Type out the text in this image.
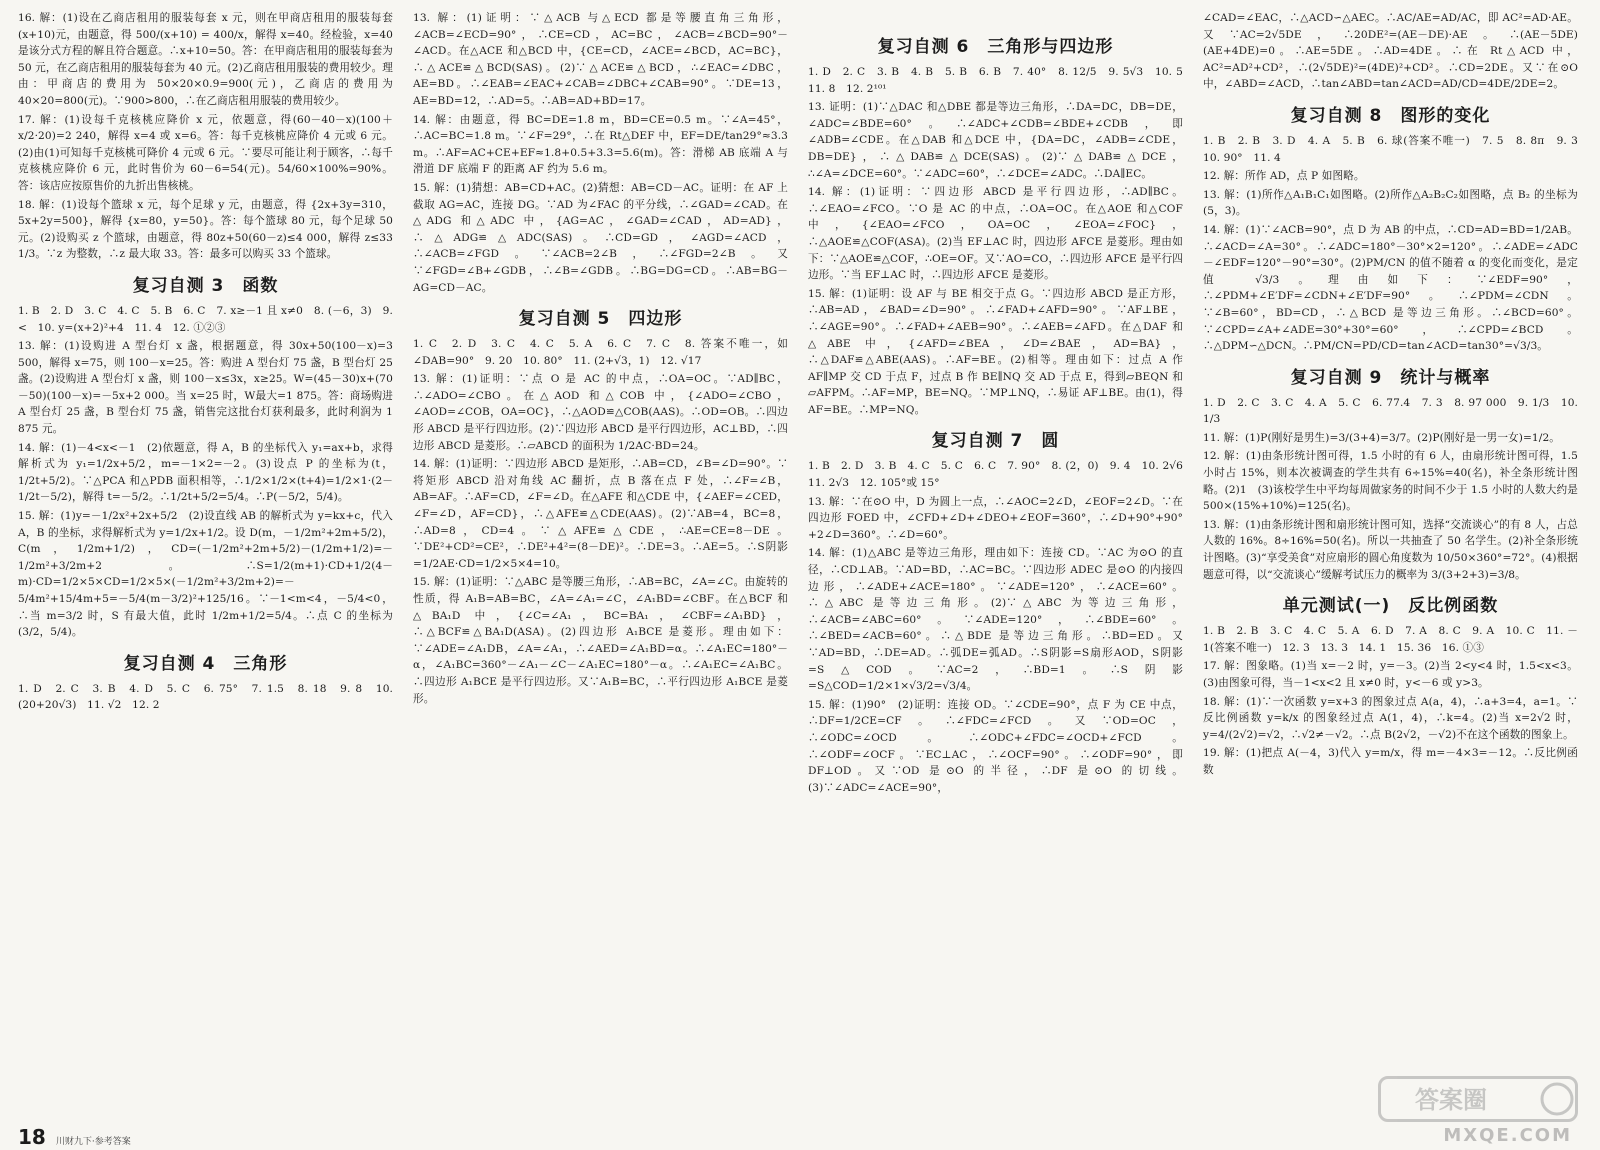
16. 解：(1)设在乙商店租用的服装每套 x 元，则在甲商店租用的服装每套(x+10)元，由题意，得 500/(x+10) = 400/x，解得 x=40。经检验，x=40 是该分式方程的解且符合题意。∴x+10=50。答：在甲商店租用的服装每套为 50 元，在乙商店租用的服装每套为 40 元。(2)乙商店租用服装的费用较少。理由：甲商店的费用为 50×20×0.9=900(元)，乙商店的费用为 40×20=800(元)。∵900>800，∴在乙商店租用服装的费用较少。
17. 解：(1)设每千克核桃应降价 x 元，依题意，得(60－40－x)(100＋x/2·20)=2 240，解得 x=4 或 x=6。答：每千克核桃应降价 4 元或 6 元。(2)由(1)可知每千克核桃可降价 4 元或 6 元。∵要尽可能让利于顾客，∴每千克核桃应降价 6 元，此时售价为 60－6=54(元)。54/60×100%=90%。答：该店应按原售价的九折出售核桃。
18. 解：(1)设每个篮球 x 元，每个足球 y 元，由题意，得 {2x+3y=310，5x+2y=500}，解得 {x=80，y=50}。答：每个篮球 80 元，每个足球 50 元。(2)设购买 z 个篮球，由题意，得 80z+50(60－z)≤4 000，解得 z≤33 1/3。∵z 为整数，∴z 最大取 33。答：最多可以购买 33 个篮球。
复习自测 3　函数
1. B　2. D　3. C　4. C　5. B　6. C　7. x≥－1 且 x≠0　8. (－6，3)　9. <　10. y=(x+2)²+4　11. 4　12. ①②③
13. 解：(1)设购进 A 型台灯 x 盏，根据题意，得 30x+50(100－x)=3 500，解得 x=75，则 100－x=25。答：购进 A 型台灯 75 盏，B 型台灯 25 盏。(2)设购进 A 型台灯 x 盏，则 100－x≤3x，x≥25。W=(45－30)x+(70－50)(100－x)=－5x+2 000。当 x=25 时，W最大=1 875。答：商场购进 A 型台灯 25 盏，B 型台灯 75 盏，销售完这批台灯获利最多，此时利润为 1 875 元。
14. 解：(1)－4<x<－1　(2)依题意，得 A，B 的坐标代入 y₁=ax+b，求得解析式为 y₁=1/2x+5/2，m=－1×2=－2。(3)设点 P 的坐标为(t，1/2t+5/2)。∵△PCA 和△PDB 面积相等，∴1/2×1/2×(t+4)=1/2×1·(2－1/2t－5/2)，解得 t=－5/2。∴1/2t+5/2=5/4。∴P(－5/2，5/4)。
15. 解：(1)y=－1/2x²+2x+5/2　(2)设直线 AB 的解析式为 y=kx+c，代入 A，B 的坐标，求得解析式为 y=1/2x+1/2。设 D(m，－1/2m²+2m+5/2)，C(m，1/2m+1/2)，CD=(－1/2m²+2m+5/2)－(1/2m+1/2)=－1/2m²+3/2m+2。∴S=1/2(m+1)·CD+1/2(4－m)·CD=1/2×5×CD=1/2×5×(－1/2m²+3/2m+2)=－5/4m²+15/4m+5=－5/4(m－3/2)²+125/16。∵－1<m<4，－5/4<0，∴当 m=3/2 时，S 有最大值，此时 1/2m+1/2=5/4。∴点 C 的坐标为(3/2，5/4)。
复习自测 4　三角形
1. D　2. C　3. B　4. D　5. C　6. 75°　7. 1.5　8. 18　9. 8　10. (20+20√3)　11. √2　12. 2
13. 解：(1)证明：∵△ACB 与△ECD 都是等腰直角三角形，∠ACB=∠ECD=90°，∴CE=CD，AC=BC，∠ACB=∠BCD=90°－∠ACD。在△ACE 和△BCD 中，{CE=CD，∠ACE=∠BCD，AC=BC}，∴△ACE≌△BCD(SAS)。(2)∵△ACE≌△BCD，∴∠EAC=∠DBC，AE=BD。∴∠EAB=∠EAC+∠CAB=∠DBC+∠CAB=90°。∵DE=13，AE=BD=12，∴AD=5。∴AB=AD+BD=17。
14. 解：由题意，得 BC=DE=1.8 m，BD=CE=0.5 m。∵∠A=45°，∴AC=BC=1.8 m。∵∠F=29°，∴在 Rt△DEF 中，EF=DE/tan29°≈3.3 m。∴AF=AC+CE+EF≈1.8+0.5+3.3=5.6(m)。答：滑梯 AB 底端 A 与滑道 DF 底端 F 的距离 AF 约为 5.6 m。
15. 解：(1)猜想：AB=CD+AC。(2)猜想：AB=CD－AC。证明：在 AF 上截取 AG=AC，连接 DG。∵AD 为∠FAC 的平分线，∴∠GAD=∠CAD。在△ADG 和△ADC 中，{AG=AC，∠GAD=∠CAD，AD=AD}，∴△ADG≌△ADC(SAS)。∴CD=GD，∠AGD=∠ACD，∴∠ACB=∠FGD。∵∠ACB=2∠B，∴∠FGD=2∠B。又∵∠FGD=∠B+∠GDB，∴∠B=∠GDB。∴BG=DG=CD。∴AB=BG－AG=CD－AC。
复习自测 5　四边形
1. C　2. D　3. C　4. C　5. A　6. C　7. C　8. 答案不唯一，如∠DAB=90°　9. 20　10. 80°　11. (2+√3，1)　12. √17
13. 解：(1)证明：∵点 O 是 AC 的中点，∴OA=OC。∵AD∥BC，∴∠ADO=∠CBO。在△AOD 和△COB 中，{∠ADO=∠CBO，∠AOD=∠COB，OA=OC}，∴△AOD≌△COB(AAS)。∴OD=OB。∴四边形 ABCD 是平行四边形。(2)∵四边形 ABCD 是平行四边形，AC⊥BD，∴四边形 ABCD 是菱形。∴▱ABCD 的面积为 1/2AC·BD=24。
14. 解：(1)证明：∵四边形 ABCD 是矩形，∴AB=CD，∠B=∠D=90°。∵将矩形 ABCD 沿对角线 AC 翻折，点 B 落在点 F 处，∴∠F=∠B，AB=AF。∴AF=CD，∠F=∠D。在△AFE 和△CDE 中，{∠AEF=∠CED，∠F=∠D，AF=CD}，∴△AFE≌△CDE(AAS)。(2)∵AB=4，BC=8，∴AD=8，CD=4。∵△AFE≌△CDE，∴AE=CE=8－DE。∵DE²+CD²=CE²，∴DE²+4²=(8－DE)²。∴DE=3。∴AE=5。∴S阴影=1/2AE·CD=1/2×5×4=10。
15. 解：(1)证明：∵△ABC 是等腰三角形，∴AB=BC，∠A=∠C。由旋转的性质，得 A₁B=AB=BC，∠A=∠A₁=∠C，∠A₁BD=∠CBF。在△BCF 和△BA₁D 中，{∠C=∠A₁，BC=BA₁，∠CBF=∠A₁BD}，∴△BCF≌△BA₁D(ASA)。(2)四边形 A₁BCE 是菱形。理由如下：∵∠ADE=∠A₁DB，∠A=∠A₁，∴∠AED=∠A₁BD=α。∴∠A₁EC=180°－α，∠A₁BC=360°－∠A₁－∠C－∠A₁EC=180°－α。∴∠A₁EC=∠A₁BC。∴四边形 A₁BCE 是平行四边形。又∵A₁B=BC，∴平行四边形 A₁BCE 是菱形。
复习自测 6　三角形与四边形
1. D　2. C　3. B　4. B　5. B　6. B　7. 40°　8. 12/5　9. 5√3　10. 5　11. 8　12. 2¹⁰¹
13. 证明：(1)∵△DAC 和△DBE 都是等边三角形，∴DA=DC，DB=DE，∠ADC=∠BDE=60°。∴∠ADC+∠CDB=∠BDE+∠CDB，即∠ADB=∠CDE。在△DAB 和△DCE 中，{DA=DC，∠ADB=∠CDE，DB=DE}，∴△DAB≌△DCE(SAS)。(2)∵△DAB≌△DCE，∴∠A=∠DCE=60°。∵∠ADC=60°，∴∠DCE=∠ADC。∴DA∥EC。
14. 解：(1)证明：∵四边形 ABCD 是平行四边形，∴AD∥BC。∴∠EAO=∠FCO。∵O 是 AC 的中点，∴OA=OC。在△AOE 和△COF 中，{∠EAO=∠FCO，OA=OC，∠EOA=∠FOC}，∴△AOE≌△COF(ASA)。(2)当 EF⊥AC 时，四边形 AFCE 是菱形。理由如下：∵△AOE≌△COF，∴OE=OF。又∵AO=CO，∴四边形 AFCE 是平行四边形。∵当 EF⊥AC 时，∴四边形 AFCE 是菱形。
15. 解：(1)证明：设 AF 与 BE 相交于点 G。∵四边形 ABCD 是正方形，∴AB=AD，∠BAD=∠D=90°。∴∠FAD+∠AFD=90°。∵AF⊥BE，∴∠AGE=90°。∴∠FAD+∠AEB=90°。∴∠AEB=∠AFD。在△DAF 和△ABE 中，{∠AFD=∠BEA，∠D=∠BAE，AD=BA}，∴△DAF≌△ABE(AAS)。∴AF=BE。(2)相等。理由如下：过点 A 作 AF∥MP 交 CD 于点 F，过点 B 作 BE∥NQ 交 AD 于点 E，得到▱BEQN 和▱AFPM。∴AF=MP，BE=NQ。∵MP⊥NQ，∴易证 AF⊥BE。由(1)，得 AF=BE。∴MP=NQ。
复习自测 7　圆
1. B　2. D　3. B　4. C　5. C　6. C　7. 90°　8. (2，0)　9. 4　10. 2√6　11. 2√3　12. 105°或 15°
13. 解：∵在⊙O 中，D 为圆上一点，∴∠AOC=2∠D，∠EOF=2∠D。∵在四边形 FOED 中，∠CFD+∠D+∠DEO+∠EOF=360°，∴∠D+90°+90°+2∠D=360°。∴∠D=60°。
14. 解：(1)△ABC 是等边三角形，理由如下：连接 CD。∵AC 为⊙O 的直径，∴CD⊥AB。∵AD=BD，∴AC=BC。∵四边形 ADEC 是⊙O 的内接四边形，∴∠ADE+∠ACE=180°。∵∠ADE=120°，∴∠ACE=60°。∴△ABC 是等边三角形。(2)∵△ABC 为等边三角形，∴∠ACB=∠ABC=60°。∵∠ADE=120°，∴∠BDE=60°。∴∠BED=∠ACB=60°。∴△BDE 是等边三角形。∴BD=ED。又∵AD=BD，∴DE=AD。∴弧DE=弧AD。∴S阴影=S扇形AOD，S阴影=S△COD。∵AC=2，∴BD=1。∴S阴影=S△COD=1/2×1×√3/2=√3/4。
15. 解：(1)90°　(2)证明：连接 OD。∵∠CDE=90°，点 F 为 CE 中点，∴DF=1/2CE=CF。∴∠FDC=∠FCD。又∵OD=OC，∴∠ODC=∠OCD。∴∠ODC+∠FDC=∠OCD+∠FCD。∴∠ODF=∠OCF。∵EC⊥AC，∴∠OCF=90°。∴∠ODF=90°，即 DF⊥OD。又∵OD 是⊙O 的半径，∴DF 是⊙O 的切线。(3)∵∠ADC=∠ACE=90°，
∠CAD=∠EAC，∴△ACD∽△AEC。∴AC/AE=AD/AC，即 AC²=AD·AE。又∵AC=2√5DE，∴20DE²=(AE－DE)·AE。∴(AE－5DE)(AE+4DE)=0。∴AE=5DE。∴AD=4DE。∴在 Rt△ACD 中，AC²=AD²+CD²，∴(2√5DE)²=(4DE)²+CD²。∴CD=2DE。又∵在⊙O 中，∠ABD=∠ACD，∴tan∠ABD=tan∠ACD=AD/CD=4DE/2DE=2。
复习自测 8　图形的变化
1. B　2. B　3. D　4. A　5. B　6. 球(答案不唯一)　7. 5　8. 8π　9. 3　10. 90°　11. 4
12. 解：所作 AD，点 P 如图略。
13. 解：(1)所作△A₁B₁C₁如图略。(2)所作△A₂B₂C₂如图略，点 B₂ 的坐标为(5，3)。
14. 解：(1)∵∠ACB=90°，点 D 为 AB 的中点，∴CD=AD=BD=1/2AB。∴∠ACD=∠A=30°。∴∠ADC=180°－30°×2=120°。∴∠ADE=∠ADC－∠EDF=120°－90°=30°。(2)PM/CN 的值不随着 α 的变化而变化，是定值 √3/3。理由如下：∵∠EDF=90°，∴∠PDM+∠E′DF=∠CDN+∠E′DF=90°。∴∠PDM=∠CDN。∵∠B=60°，BD=CD，∴△BCD 是等边三角形。∴∠BCD=60°。∵∠CPD=∠A+∠ADE=30°+30°=60°，∴∠CPD=∠BCD。∴△DPM∽△DCN。∴PM/CN=PD/CD=tan∠ACD=tan30°=√3/3。
复习自测 9　统计与概率
1. D　2. C　3. C　4. A　5. C　6. 77.4　7. 3　8. 97 000　9. 1/3　10. 1/3
11. 解：(1)P(刚好是男生)=3/(3+4)=3/7。(2)P(刚好是一男一女)=1/2。
12. 解：(1)由条形统计图可得，1.5 小时的有 6 人，由扇形统计图可得，1.5 小时占 15%，则本次被调查的学生共有 6÷15%=40(名)，补全条形统计图略。(2)1　(3)该校学生中平均每周做家务的时间不少于 1.5 小时的人数大约是 500×(15%+10%)=125(名)。
13. 解：(1)由条形统计图和扇形统计图可知，选择“交流谈心”的有 8 人，占总人数的 16%。8÷16%=50(名)。所以一共抽查了 50 名学生。(2)补全条形统计图略。(3)“享受美食”对应扇形的圆心角度数为 10/50×360°=72°。(4)根据题意可得，以“交流谈心”缓解考试压力的概率为 3/(3+2+3)=3/8。
单元测试(一)　反比例函数
1. B　2. B　3. C　4. C　5. A　6. D　7. A　8. C　9. A　10. C　11. －1(答案不唯一)　12. 3　13. 3　14. 1　15. 36　16. ①③
17. 解：图象略。(1)当 x=－2 时，y=－3。(2)当 2<y<4 时，1.5<x<3。(3)由图象可得，当－1<x<2 且 x≠0 时，y<－6 或 y>3。
18. 解：(1)∵一次函数 y=x+3 的图象过点 A(a，4)，∴a+3=4，a=1。∵反比例函数 y=k/x 的图象经过点 A(1，4)，∴k=4。(2)当 x=2√2 时，y=4/(2√2)=√2，∴√2≠－√2。∴点 B(2√2，－√2)不在这个函数的图象上。
19. 解：(1)把点 A(－4，3)代入 y=m/x，得 m=－4×3=－12。∴反比例函数
18 川财九下·参考答案
答案圈
MXQE.COM
